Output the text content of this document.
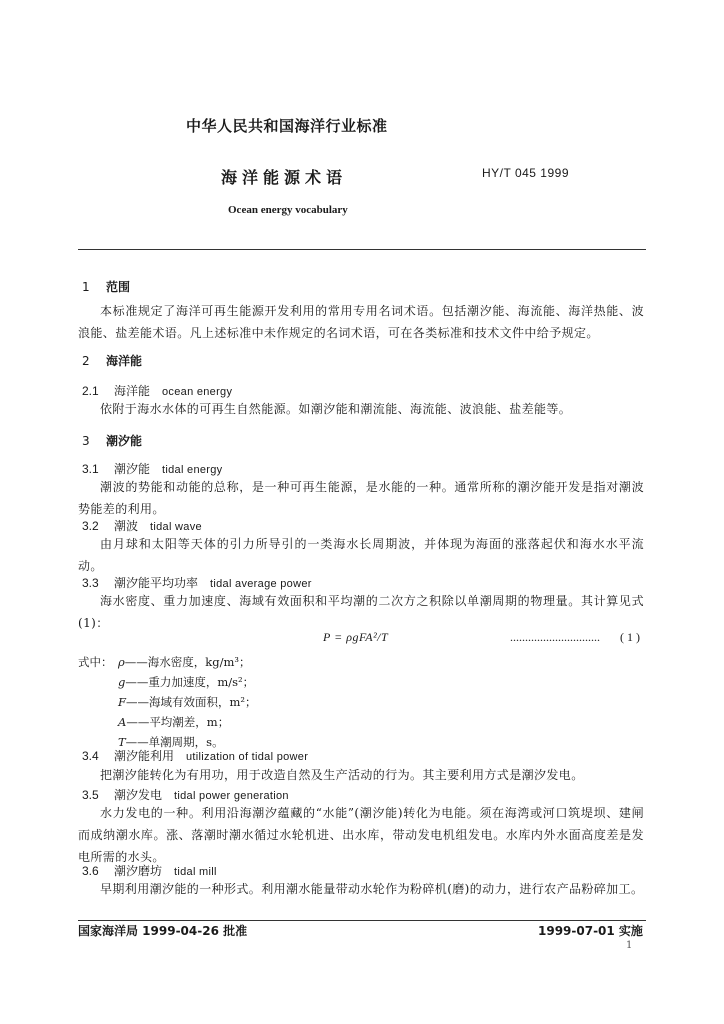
中华人民共和国海洋行业标准
海洋能源术语	HY/T 045 1999
Ocean energy vocabulary
1 范围
本标准规定了海洋可再生能源开发利用的常用专用名词术语。包括潮汐能、海流能、海洋热能、波浪能、盐差能术语。凡上述标准中未作规定的名词术语，可在各类标准和技术文件中给予规定。
2 海洋能
2.1 海洋能 ocean energy
依附于海水水体的可再生自然能源。如潮汐能和潮流能、海流能、波浪能、盐差能等。
3 潮汐能
3.1 潮汐能 tidal energy
潮波的势能和动能的总称，是一种可再生能源，是水能的一种。通常所称的潮汐能开发是指对潮波势能差的利用。
3.2 潮波 tidal wave
由月球和太阳等天体的引力所导引的一类海水长周期波，并体现为海面的涨落起伏和海水水平流动。
3.3 潮汐能平均功率 tidal average power
海水密度、重力加速度、海域有效面积和平均潮的二次方之积除以单潮周期的物理量。其计算见式(1)：
P = ρgFA²/T	.............................. ( 1 )
式中： ρ——海水密度，kg/m³；
g——重力加速度，m/s²；
F——海域有效面积，m²；
A——平均潮差，m；
T——单潮周期，s。
3.4 潮汐能利用 utilization of tidal power
把潮汐能转化为有用功，用于改造自然及生产活动的行为。其主要利用方式是潮汐发电。
3.5 潮汐发电 tidal power generation
水力发电的一种。利用沿海潮汐蕴藏的“水能”(潮汐能)转化为电能。须在海湾或河口筑堤坝、建闸而成纳潮水库。涨、落潮时潮水循过水轮机进、出水库，带动发电机组发电。水库内外水面高度差是发电所需的水头。
3.6 潮汐磨坊 tidal mill
早期利用潮汐能的一种形式。利用潮水能量带动水轮作为粉碎机(磨)的动力，进行农产品粉碎加工。
国家海洋局 1999-04-26 批准	1999-07-01 实施
1
